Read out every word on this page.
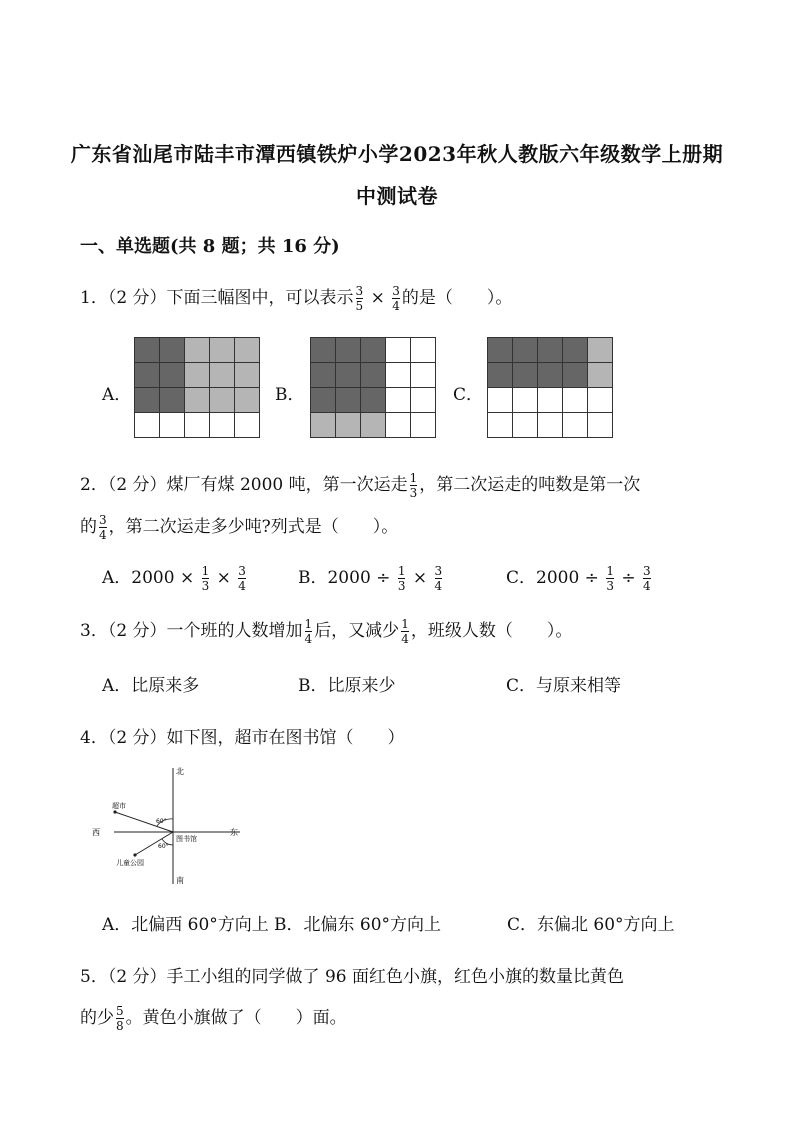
广东省汕尾市陆丰市潭西镇铁炉小学2023年秋人教版六年级数学上册期
中测试卷
一、单选题(共 8 题；共 16 分)
1．（2 分）下面三幅图中，可以表示 $\frac{3}{5} \times \frac{3}{4}$ 的是（　　）。
A．

					B．

					C．

2．（2 分）煤厂有煤 2000 吨，第一次运走 $\frac{1}{3}$ ，第二次运走的吨数是第一次
的 $\frac{3}{4}$ ，第二次运走多少吨?列式是（　　）。
A．$2000 \times \frac{1}{3} \times \frac{3}{4}$	B．$2000 \div \frac{1}{3} \times \frac{3}{4}$	C．$2000 \div \frac{1}{3} \div \frac{3}{4}$
3．（2 分）一个班的人数增加 $\frac{1}{4}$ 后，又减少 $\frac{1}{4}$ ，班级人数（　　）。
A．比原来多	B．比原来少	C．与原来相等
4．（2 分）如下图，超市在图书馆（　　）
北
南
西	东
超市
图书馆
儿童公园
60°
60°
A．北偏西 60°方向上 B．北偏东 60°方向上	C．东偏北 60°方向上
5．（2 分）手工小组的同学做了 96 面红色小旗，红色小旗的数量比黄色
的少 $\frac{5}{8}$ 。黄色小旗做了（　　）面。
